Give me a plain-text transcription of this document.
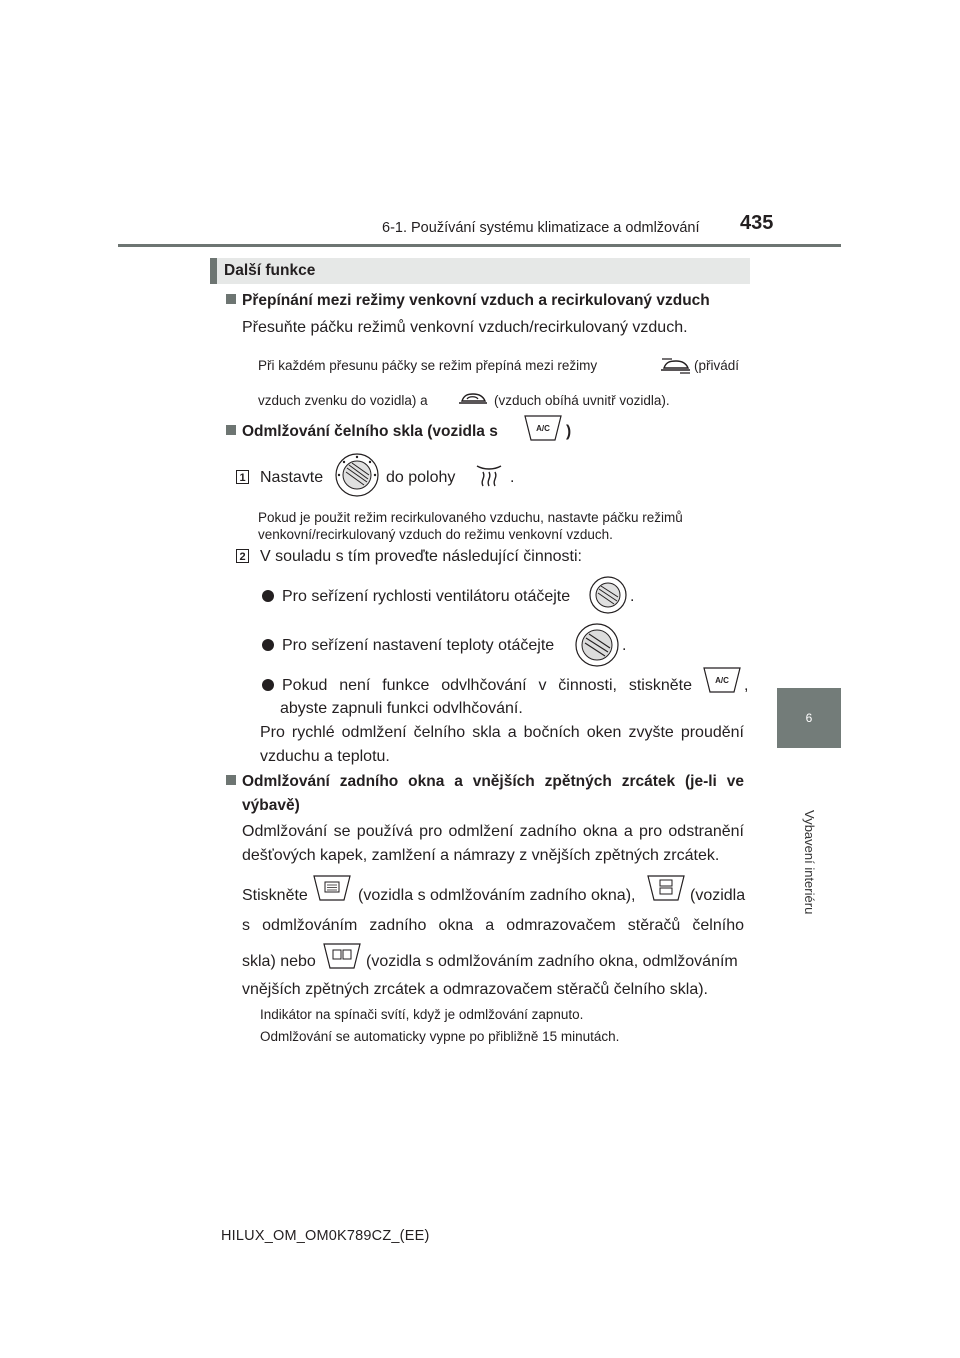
6-1. Používání systému klimatizace a odmlžování 435
6
Vybavení interiéru
Další funkce
Přepínání mezi režimy venkovní vzduch a recirkulovaný vzduch
Přesuňte páčku režimů venkovní vzduch/recirkulovaný vzduch.
Při každém přesunu páčky se režim přepíná mezi režimy	(přivádí
vzduch zvenku do vozidla) a	(vzduch obíhá uvnitř vozidla).
Odmlžování čelního skla (vozidla s	A/C )
1 Nastavte	do polohy	.
Pokud je použit režim recirkulovaného vzduchu, nastavte páčku režimů
venkovní/recirkulovaný vzduch do režimu venkovní vzduch.
2 V souladu s tím proveďte následující činnosti:
Pro seřízení rychlosti ventilátoru otáčejte	.
Pro seřízení nastavení teploty otáčejte	.
Pokud není funkce odvlhčování v činnosti, stiskněte	A/C ,
abyste zapnuli funkci odvlhčování.
Pro rychlé odmlžení čelního skla a bočních oken zvyšte proudění
vzduchu a teplotu.
Odmlžování zadního okna a vnějších zpětných zrcátek (je-li ve
výbavě)
Odmlžování se používá pro odmlžení zadního okna a pro odstranění
dešťových kapek, zamlžení a námrazy z vnějších zpětných zrcátek.
Stiskněte	(vozidla s odmlžováním zadního okna),	(vozidla
s odmlžováním zadního okna a odmrazovačem stěračů čelního
skla) nebo	(vozidla s odmlžováním zadního okna, odmlžováním
vnějších zpětných zrcátek a odmrazovačem stěračů čelního skla).
Indikátor na spínači svítí, když je odmlžování zapnuto.
Odmlžování se automaticky vypne po přibližně 15 minutách.
HILUX_OM_OM0K789CZ_(EE)
